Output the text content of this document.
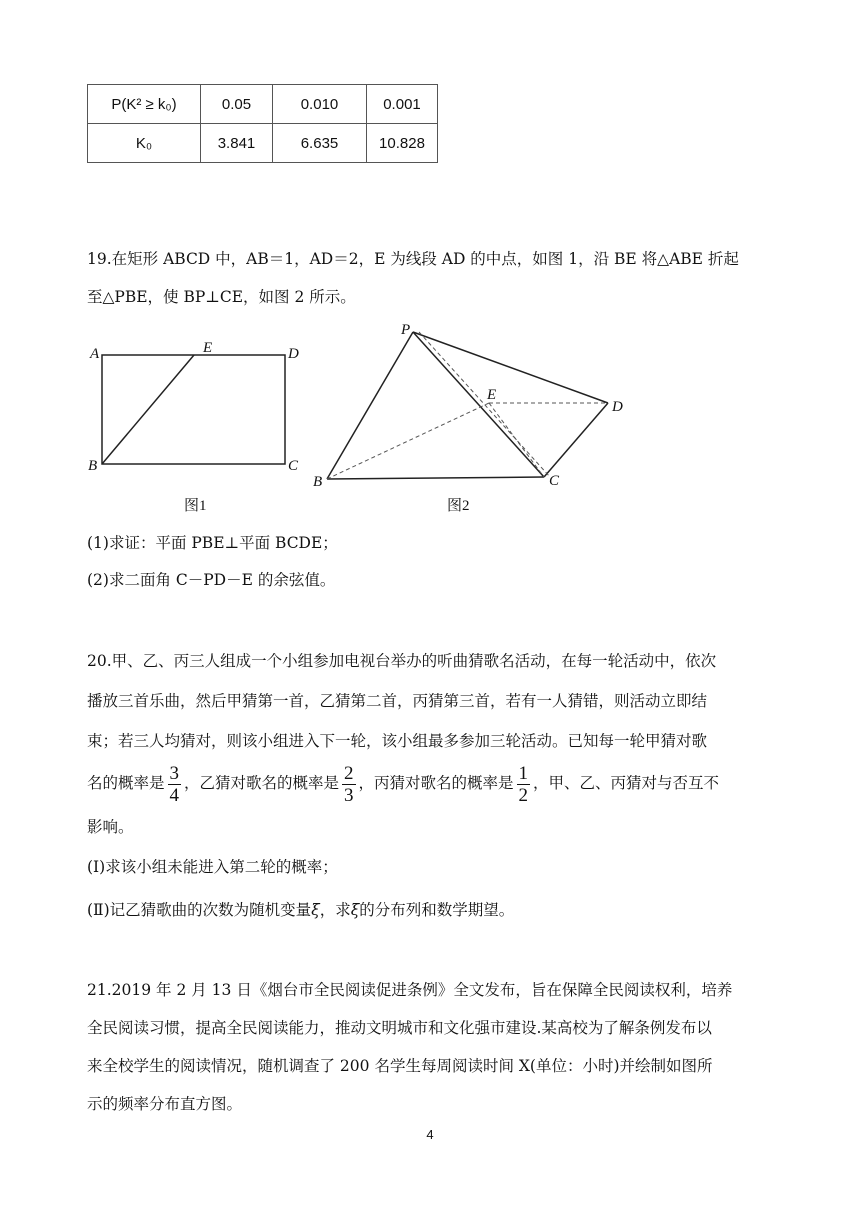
P(K² ≥ k₀)	0.05	0.010	0.001
K₀	3.841	6.635	10.828
19.在矩形 ABCD 中，AB＝1，AD＝2，E 为线段 AD 的中点，如图 1，沿 BE 将△ABE 折起
至△PBE，使 BP⊥CE，如图 2 所示。
A	E	D
B	C
图1
P
E
D
B	C
图2
(1)求证：平面 PBE⊥平面 BCDE；
(2)求二面角 C－PD－E 的余弦值。
20.甲、乙、丙三人组成一个小组参加电视台举办的听曲猜歌名活动，在每一轮活动中，依次
播放三首乐曲，然后甲猜第一首，乙猜第二首，丙猜第三首，若有一人猜错，则活动立即结
束；若三人均猜对，则该小组进入下一轮，该小组最多参加三轮活动。已知每一轮甲猜对歌
名的概率是 $\frac{3}{4}$ ，乙猜对歌名的概率是 $\frac{2}{3}$ ，丙猜对歌名的概率是 $\frac{1}{2}$ ，甲、乙、丙猜对与否互不
影响。
(I)求该小组未能进入第二轮的概率；
(Ⅱ)记乙猜歌曲的次数为随机变量ξ，求ξ的分布列和数学期望。
21.2019 年 2 月 13 日《烟台市全民阅读促进条例》全文发布，旨在保障全民阅读权利，培养
全民阅读习惯，提高全民阅读能力，推动文明城市和文化强市建设.某高校为了解条例发布以
来全校学生的阅读情况，随机调查了 200 名学生每周阅读时间 X(单位：小时)并绘制如图所
示的频率分布直方图。
4
